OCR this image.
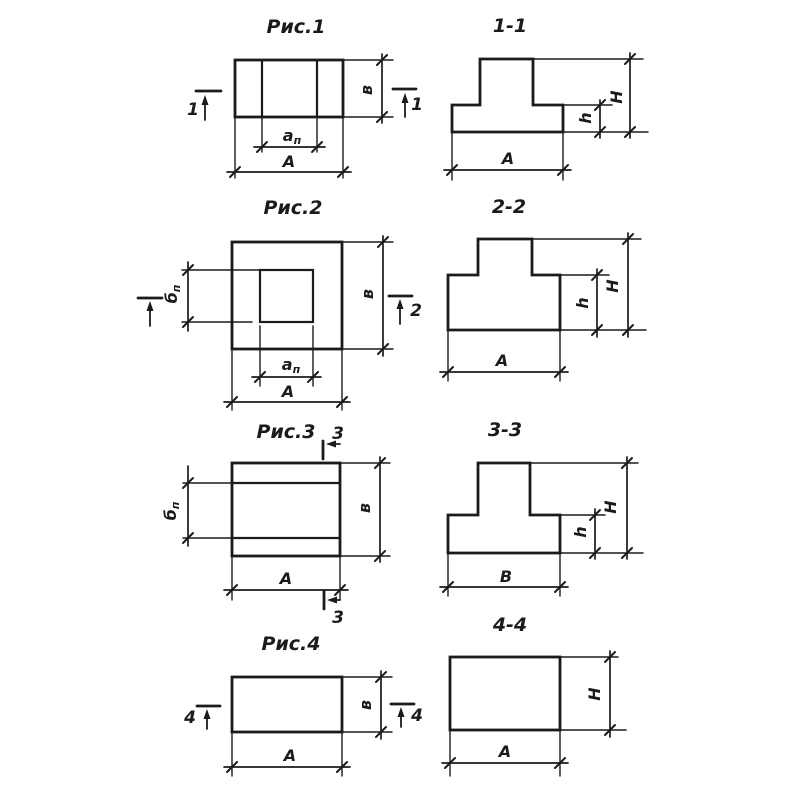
Рис.1
в
ап
А
1	1
1-1
Н
h
А
Рис.2
бп
в
ап
А
2
2-2
Н
h
А
Рис.3
бп	в
А
3
3
3-3
Н
h
В
Рис.4
в
А
4	4
4-4
Н
А
